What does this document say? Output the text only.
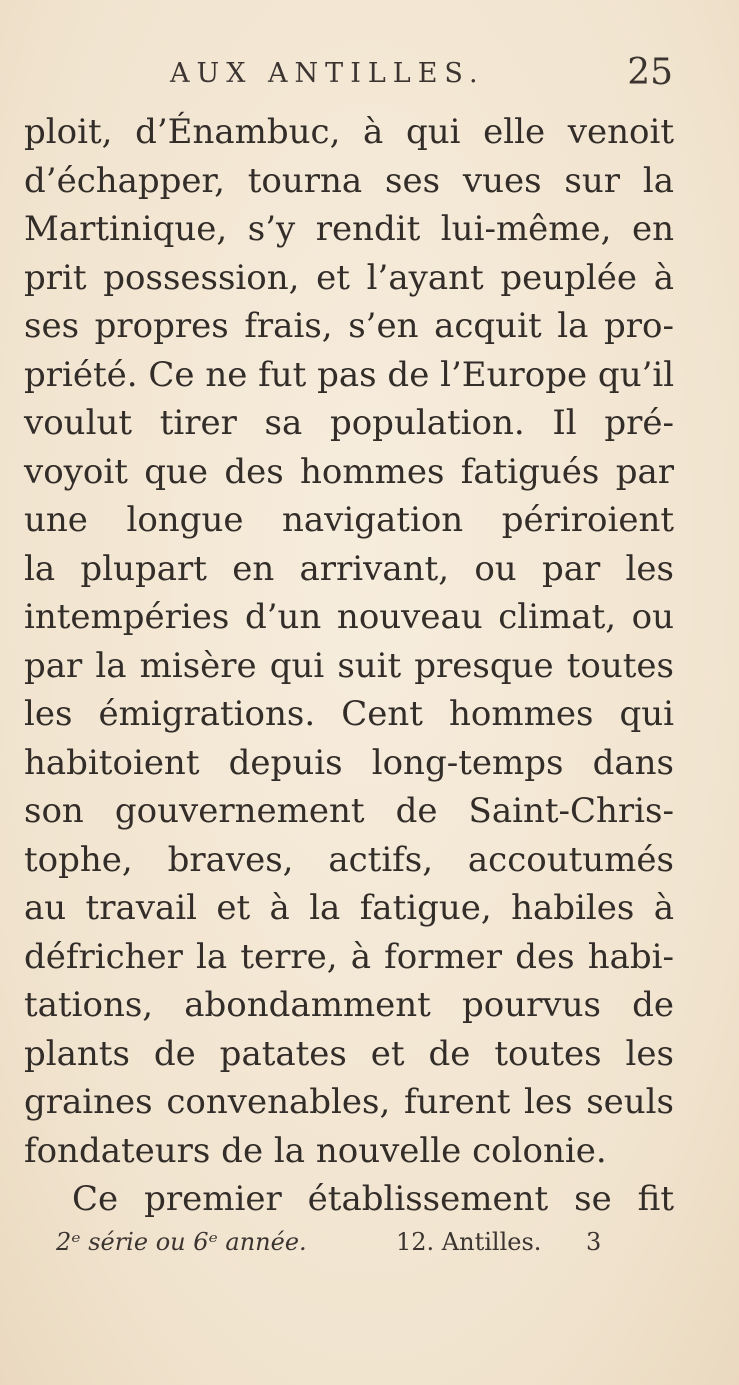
AUX ANTILLES.	25
ploit, d’Énambuc, à qui elle venoit
d’échapper, tourna ses vues sur la
Martinique, s’y rendit lui-même, en
prit possession, et l’ayant peuplée à
ses propres frais, s’en acquit la pro-
priété. Ce ne fut pas de l’Europe qu’il
voulut tirer sa population. Il pré-
voyoit que des hommes fatigués par
une longue navigation périroient
la plupart en arrivant, ou par les
intempéries d’un nouveau climat, ou
par la misère qui suit presque toutes
les émigrations. Cent hommes qui
habitoient depuis long-temps dans
son gouvernement de Saint-Chris-
tophe, braves, actifs, accoutumés
au travail et à la fatigue, habiles à
défricher la terre, à former des habi-
tations, abondamment pourvus de
plants de patates et de toutes les
graines convenables, furent les seuls
fondateurs de la nouvelle colonie.
Ce premier établissement se fit
2ᵉ série ou 6ᵉ année.	12. Antilles. 3
